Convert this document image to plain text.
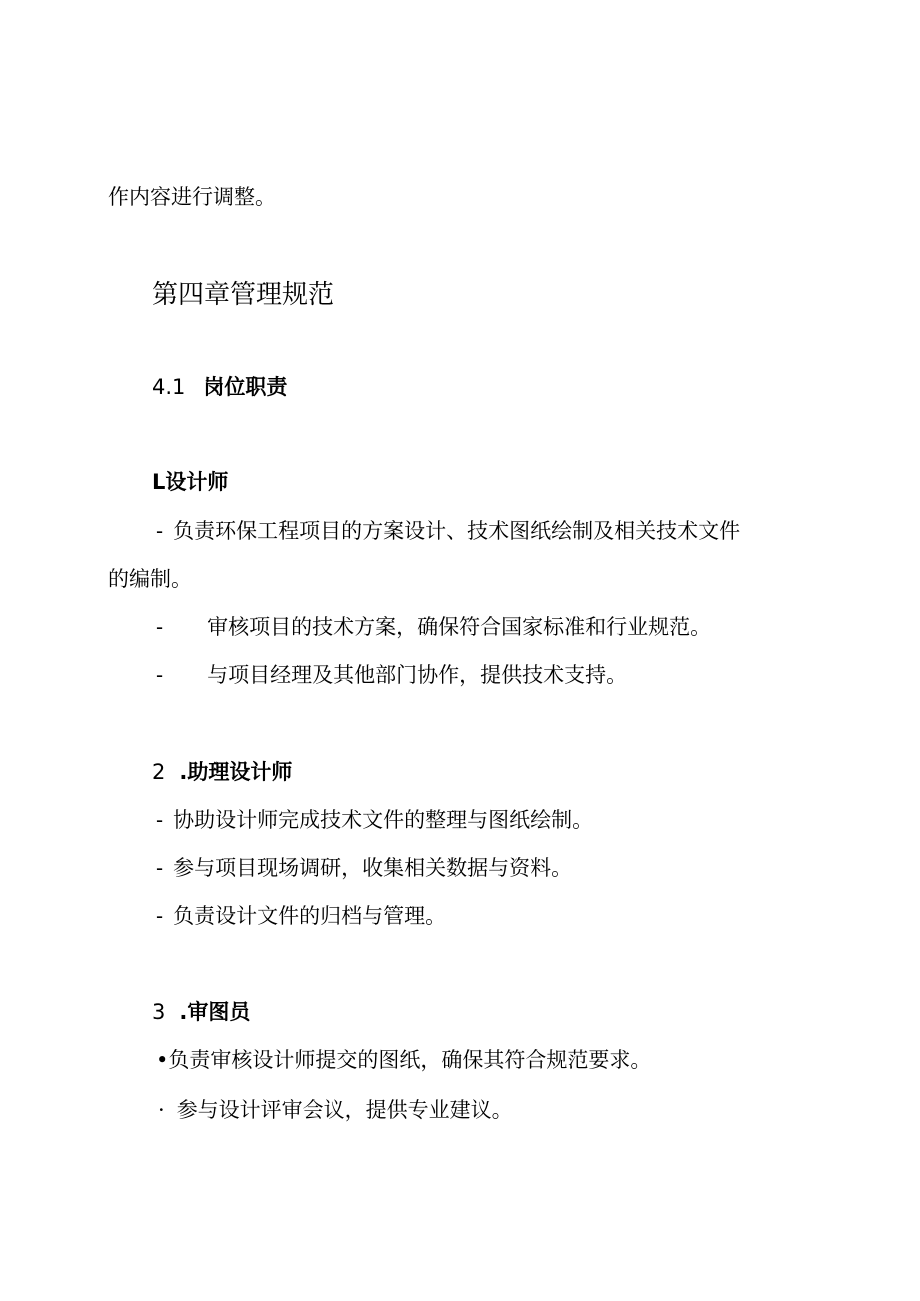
作内容进行调整。
第四章管理规范
4.1 岗位职责
L设计师
- 负责环保工程项目的方案设计、技术图纸绘制及相关技术文件
的编制。
- 审核项目的技术方案，确保符合国家标准和行业规范。
- 与项目经理及其他部门协作，提供技术支持。
2 .助理设计师
- 协助设计师完成技术文件的整理与图纸绘制。
- 参与项目现场调研，收集相关数据与资料。
- 负责设计文件的归档与管理。
3 .审图员
•负责审核设计师提交的图纸，确保其符合规范要求。
· 参与设计评审会议，提供专业建议。
